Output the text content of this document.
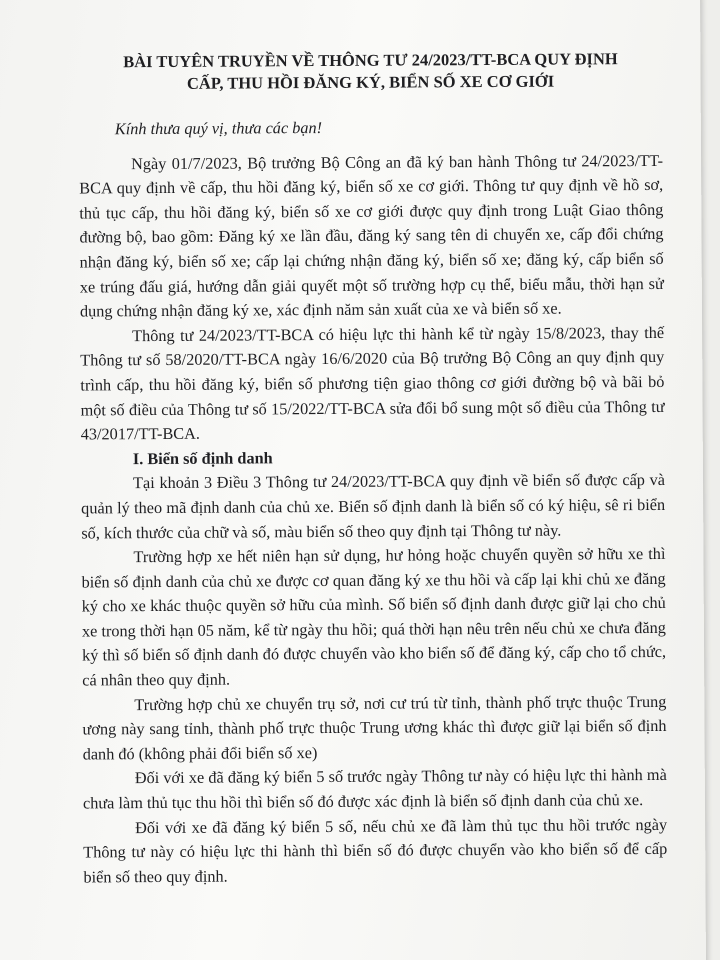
BÀI TUYÊN TRUYỀN VỀ THÔNG TƯ 24/2023/TT-BCA QUY ĐỊNH
CẤP, THU HỒI ĐĂNG KÝ, BIỂN SỐ XE CƠ GIỚI

Kính thưa quý vị, thưa các bạn!

Ngày 01/7/2023, Bộ trưởng Bộ Công an đã ký ban hành Thông tư 24/2023/TT-BCA quy định về cấp, thu hồi đăng ký, biển số xe cơ giới. Thông tư quy định về hồ sơ, thủ tục cấp, thu hồi đăng ký, biển số xe cơ giới được quy định trong Luật Giao thông đường bộ, bao gồm: Đăng ký xe lần đầu, đăng ký sang tên di chuyển xe, cấp đổi chứng nhận đăng ký, biển số xe; cấp lại chứng nhận đăng ký, biển số xe; đăng ký, cấp biển số xe trúng đấu giá, hướng dẫn giải quyết một số trường hợp cụ thể, biểu mẫu, thời hạn sử dụng chứng nhận đăng ký xe, xác định năm sản xuất của xe và biển số xe.

Thông tư 24/2023/TT-BCA có hiệu lực thi hành kể từ ngày 15/8/2023, thay thế Thông tư số 58/2020/TT-BCA ngày 16/6/2020 của Bộ trưởng Bộ Công an quy định quy trình cấp, thu hồi đăng ký, biển số phương tiện giao thông cơ giới đường bộ và bãi bỏ một số điều của Thông tư số 15/2022/TT-BCA sửa đổi bổ sung một số điều của Thông tư 43/2017/TT-BCA.

I. Biển số định danh

Tại khoản 3 Điều 3 Thông tư 24/2023/TT-BCA quy định về biển số được cấp và quản lý theo mã định danh của chủ xe. Biển số định danh là biển số có ký hiệu, sê ri biển số, kích thước của chữ và số, màu biển số theo quy định tại Thông tư này.

Trường hợp xe hết niên hạn sử dụng, hư hỏng hoặc chuyển quyền sở hữu xe thì biển số định danh của chủ xe được cơ quan đăng ký xe thu hồi và cấp lại khi chủ xe đăng ký cho xe khác thuộc quyền sở hữu của mình. Số biển số định danh được giữ lại cho chủ xe trong thời hạn 05 năm, kể từ ngày thu hồi; quá thời hạn nêu trên nếu chủ xe chưa đăng ký thì số biển số định danh đó được chuyển vào kho biển số để đăng ký, cấp cho tổ chức, cá nhân theo quy định.

Trường hợp chủ xe chuyển trụ sở, nơi cư trú từ tỉnh, thành phố trực thuộc Trung ương này sang tỉnh, thành phố trực thuộc Trung ương khác thì được giữ lại biển số định danh đó (không phải đổi biển số xe)

Đối với xe đã đăng ký biển 5 số trước ngày Thông tư này có hiệu lực thi hành mà chưa làm thủ tục thu hồi thì biển số đó được xác định là biển số định danh của chủ xe.

Đối với xe đã đăng ký biển 5 số, nếu chủ xe đã làm thủ tục thu hồi trước ngày Thông tư này có hiệu lực thi hành thì biển số đó được chuyển vào kho biển số để cấp biển số theo quy định.
